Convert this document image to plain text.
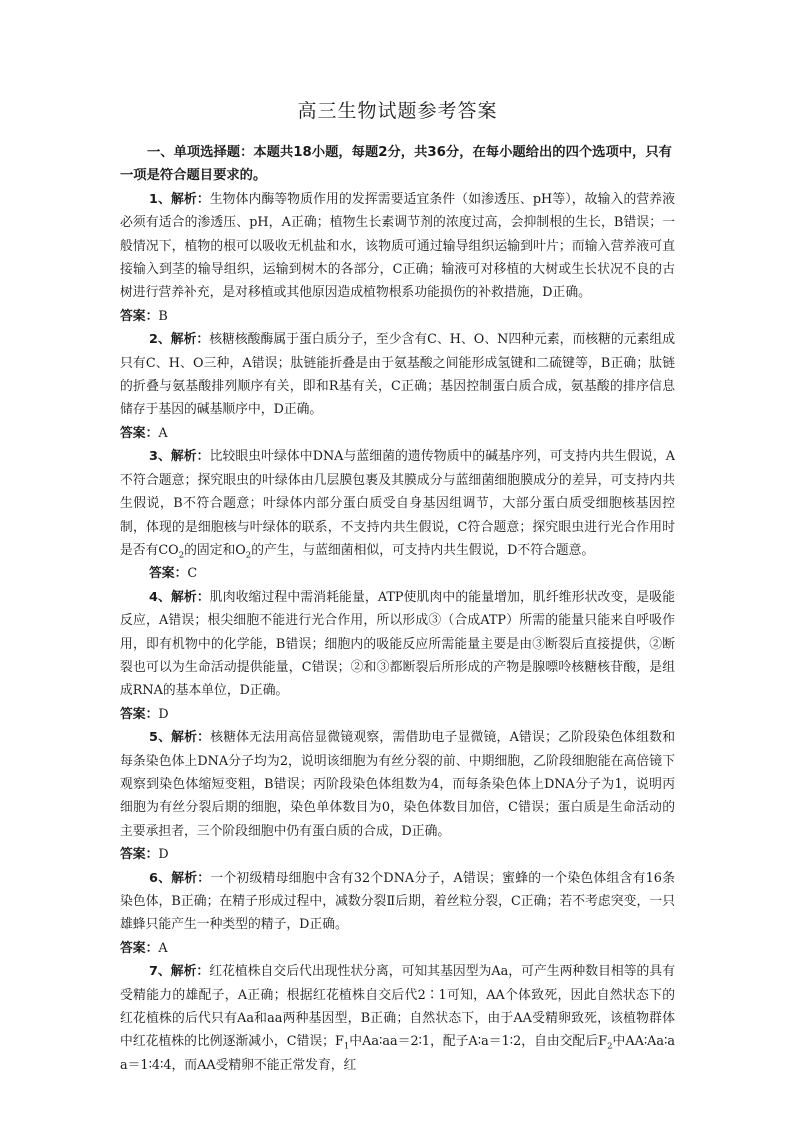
高三生物试题参考答案

一、单项选择题：本题共18小题，每题2分，共36分，在每小题给出的四个选项中，只有一项是符合题目要求的。

1、解析：生物体内酶等物质作用的发挥需要适宜条件（如渗透压、pH等），故输入的营养液必须有适合的渗透压、pH，A正确；植物生长素调节剂的浓度过高，会抑制根的生长，B错误；一般情况下，植物的根可以吸收无机盐和水，该物质可通过输导组织运输到叶片；而输入营养液可直接输入到茎的输导组织，运输到树木的各部分，C正确；输液可对移植的大树或生长状况不良的古树进行营养补充，是对移植或其他原因造成植物根系功能损伤的补救措施，D正确。

答案：B

2、解析：核糖核酸酶属于蛋白质分子，至少含有C、H、O、N四种元素，而核糖的元素组成只有C、H、O三种，A错误；肽链能折叠是由于氨基酸之间能形成氢键和二硫键等，B正确；肽链的折叠与氨基酸排列顺序有关，即和R基有关，C正确；基因控制蛋白质合成，氨基酸的排序信息储存于基因的碱基顺序中，D正确。

答案：A

3、解析：比较眼虫叶绿体中DNA与蓝细菌的遗传物质中的碱基序列，可支持内共生假说，A不符合题意；探究眼虫的叶绿体由几层膜包裹及其膜成分与蓝细菌细胞膜成分的差异，可支持内共生假说，B不符合题意；叶绿体内部分蛋白质受自身基因组调节，大部分蛋白质受细胞核基因控制，体现的是细胞核与叶绿体的联系，不支持内共生假说，C符合题意；探究眼虫进行光合作用时是否有$CO_2$的固定和$O_2$的产生，与蓝细菌相似，可支持内共生假说，D不符合题意。

答案：C

4、解析：肌肉收缩过程中需消耗能量，ATP使肌肉中的能量增加，肌纤维形状改变，是吸能反应，A错误；根尖细胞不能进行光合作用，所以形成③（合成ATP）所需的能量只能来自呼吸作用，即有机物中的化学能，B错误；细胞内的吸能反应所需能量主要是由③断裂后直接提供，②断裂也可以为生命活动提供能量，C错误；②和③都断裂后所形成的产物是腺嘌呤核糖核苷酸，是组成RNA的基本单位，D正确。

答案：D

5、解析：核糖体无法用高倍显微镜观察，需借助电子显微镜，A错误；乙阶段染色体组数和每条染色体上DNA分子均为2，说明该细胞为有丝分裂的前、中期细胞，乙阶段细胞能在高倍镜下观察到染色体缩短变粗，B错误；丙阶段染色体组数为4，而每条染色体上DNA分子为1，说明丙细胞为有丝分裂后期的细胞，染色单体数目为0，染色体数目加倍，C错误；蛋白质是生命活动的主要承担者，三个阶段细胞中仍有蛋白质的合成，D正确。

答案：D

6、解析：一个初级精母细胞中含有32个DNA分子，A错误；蜜蜂的一个染色体组含有16条染色体，B正确；在精子形成过程中，减数分裂Ⅱ后期，着丝粒分裂，C正确；若不考虑突变，一只雄蜂只能产生一种类型的精子，D正确。

答案：A

7、解析：红花植株自交后代出现性状分离，可知其基因型为Aa，可产生两种数目相等的具有受精能力的雄配子，A正确；根据红花植株自交后代2∶1可知，AA个体致死，因此自然状态下的红花植株的后代只有Aa和aa两种基因型，B正确；自然状态下，由于AA受精卵致死，该植物群体中红花植株的比例逐渐减小，C错误；$F_1$中Aa∶aa＝2∶1，配子A∶a＝1∶2，自由交配后$F_2$中AA∶Aa∶aa＝1∶4∶4，而AA受精卵不能正常发育，红
